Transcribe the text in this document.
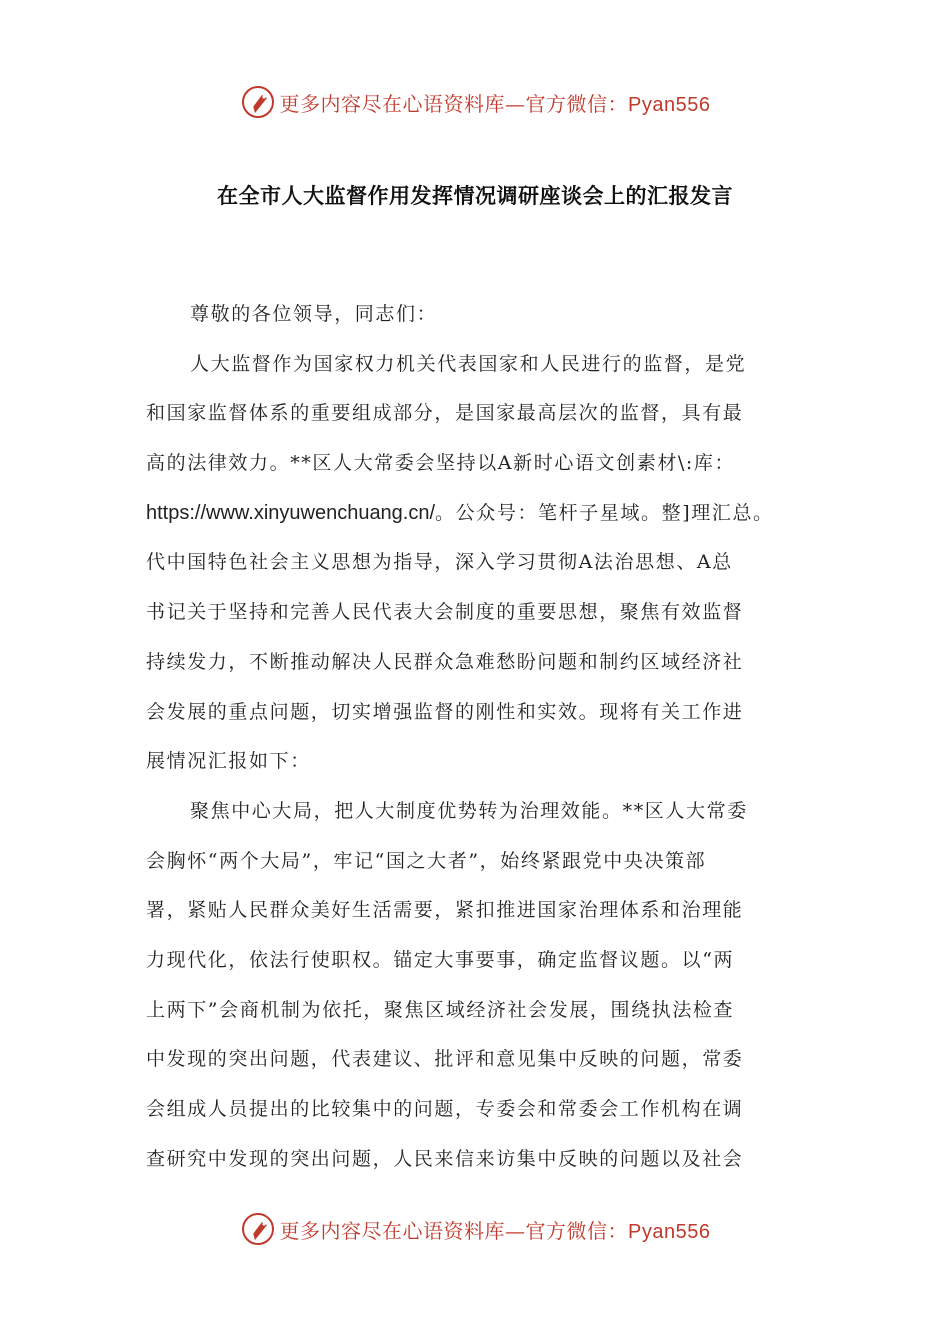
更多内容尽在心语资料库—官方微信：Pyan556
在全市人大监督作用发挥情况调研座谈会上的汇报发言
尊敬的各位领导，同志们：
人大监督作为国家权力机关代表国家和人民进行的监督，是党
和国家监督体系的重要组成部分，是国家最高层次的监督，具有最
高的法律效力。**区人大常委会坚持以A新时心语文创素材\:库：
https://www.xinyuwenchuang.cn/。公众号：笔杆子星域。整]理汇总。
代中国特色社会主义思想为指导，深入学习贯彻A法治思想、A总
书记关于坚持和完善人民代表大会制度的重要思想，聚焦有效监督
持续发力，不断推动解决人民群众急难愁盼问题和制约区域经济社
会发展的重点问题，切实增强监督的刚性和实效。现将有关工作进
展情况汇报如下：
聚焦中心大局，把人大制度优势转为治理效能。**区人大常委
会胸怀“两个大局”，牢记“国之大者”，始终紧跟党中央决策部
署，紧贴人民群众美好生活需要，紧扣推进国家治理体系和治理能
力现代化，依法行使职权。锚定大事要事，确定监督议题。以“两
上两下”会商机制为依托，聚焦区域经济社会发展，围绕执法检查
中发现的突出问题，代表建议、批评和意见集中反映的问题，常委
会组成人员提出的比较集中的问题，专委会和常委会工作机构在调
查研究中发现的突出问题，人民来信来访集中反映的问题以及社会
更多内容尽在心语资料库—官方微信：Pyan556
